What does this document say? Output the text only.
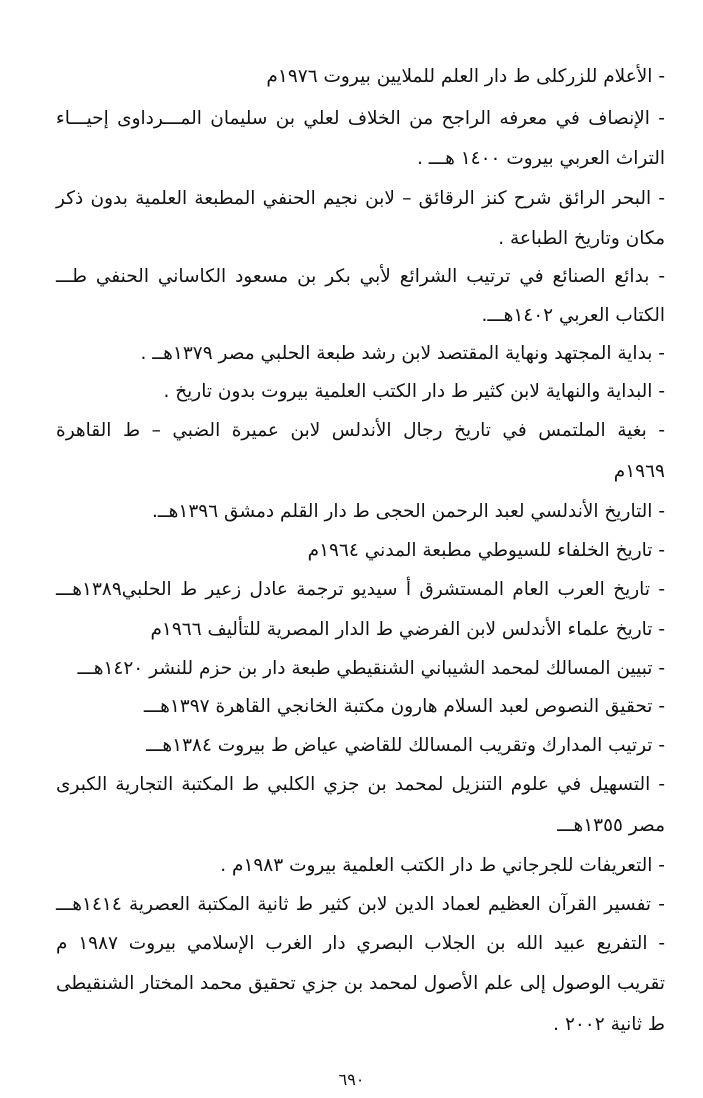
- الأعلام للزركلى ط دار العلم للملايين بيروت ١٩٧٦م
- الإنصاف في معرفه الراجح من الخلاف لعلي بن سليمان المـــرداوى إحيـــاء
التراث العربي بيروت ١٤٠٠ هـــ .
- البحر الرائق شرح كنز الرقائق – لابن نجيم الحنفي المطبعة العلمية بدون ذكر
مكان وتاريخ الطباعة .
- بدائع الصنائع في ترتيب الشرائع لأبي بكر بن مسعود الكاساني الحنفي طـــ
الكتاب العربي ١٤٠٢هـــ.
- بداية المجتهد ونهاية المقتصد لابن رشد طبعة الحلبي مصر ١٣٧٩هــ .
- البداية والنهاية لابن كثير ط دار الكتب العلمية بيروت بدون تاريخ .
- بغية الملتمس في تاريخ رجال الأندلس لابن عميرة الضبي – ط القاهرة
١٩٦٩م
- التاريخ الأندلسي لعبد الرحمن الحجى ط دار القلم دمشق ١٣٩٦هــ.
- تاريخ الخلفاء للسيوطي مطبعة المدني ١٩٦٤م
- تاريخ العرب العام المستشرق أ سيديو ترجمة عادل زعير ط الحلبي١٣٨٩هـــ
- تاريخ علماء الأندلس لابن الفرضي ط الدار المصرية للتأليف ١٩٦٦م
- تبيين المسالك لمحمد الشيباني الشنقيطي طبعة دار بن حزم للنشر ١٤٢٠هـــ
- تحقيق النصوص لعبد السلام هارون مكتبة الخانجي القاهرة ١٣٩٧هـــ
- ترتيب المدارك وتقريب المسالك للقاضي عياض ط بيروت ١٣٨٤هـــ
- التسهيل في علوم التنزيل لمحمد بن جزي الكلبي ط المكتبة التجارية الكبرى
مصر ١٣٥٥هـــ
- التعريفات للجرجاني ط دار الكتب العلمية بيروت ١٩٨٣م .
- تفسير القرآن العظيم لعماد الدين لابن كثير ط ثانية المكتبة العصرية ١٤١٤هـــ
- التفريع عبيد الله بن الجلاب البصري دار الغرب الإسلامي بيروت ١٩٨٧ م
تقريب الوصول إلى علم الأصول لمحمد بن جزي تحقيق محمد المختار الشنقيطى
ط ثانية ٢٠٠٢ .
٦٩٠
